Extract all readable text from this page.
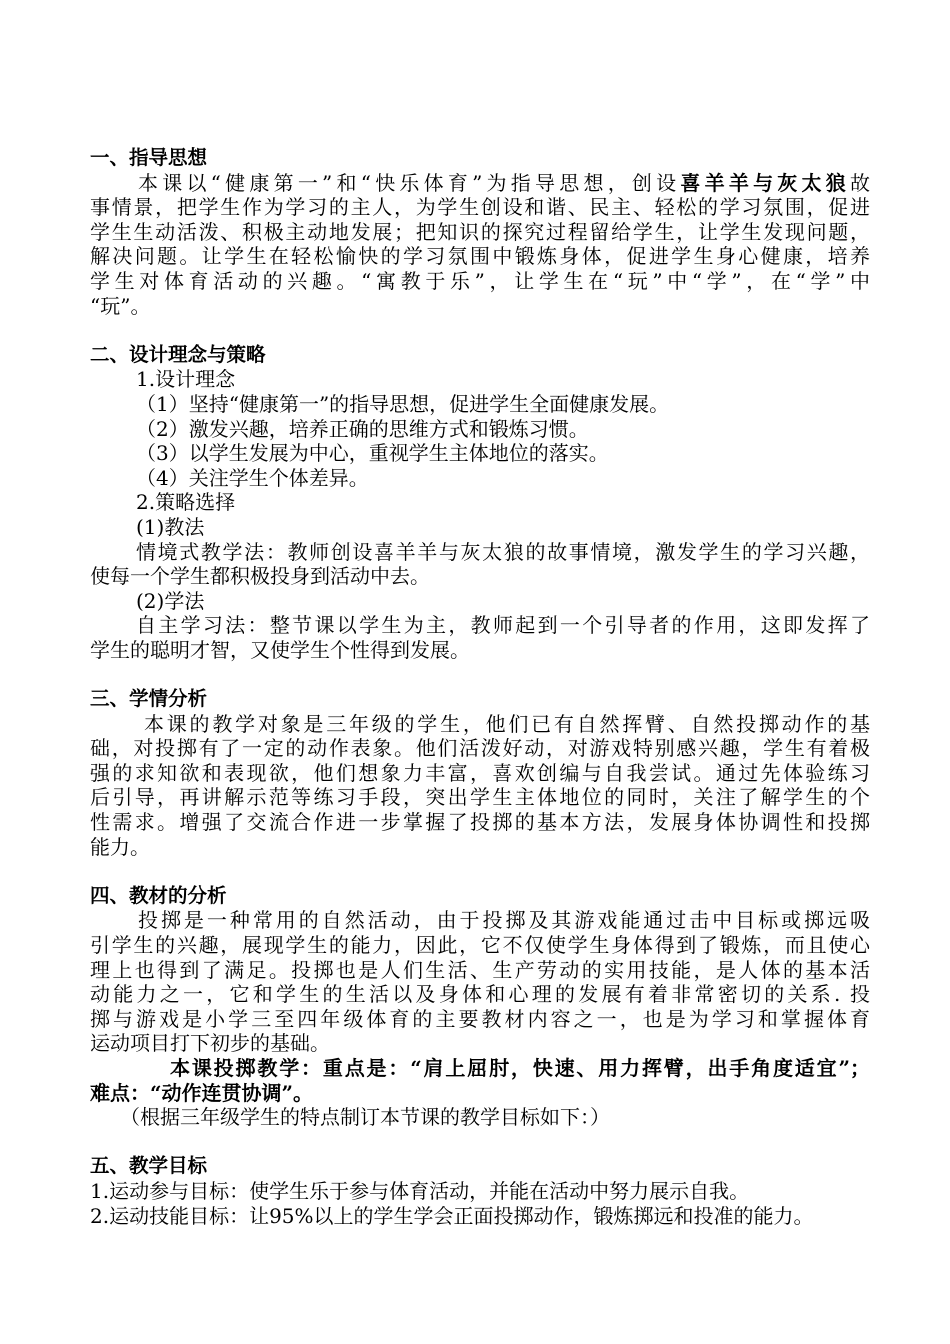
一、指导思想
本课以“健康第一”和“快乐体育”为指导思想，创设喜羊羊与灰太狼故
事情景，把学生作为学习的主人，为学生创设和谐、民主、轻松的学习氛围，促进
学生生动活泼、积极主动地发展；把知识的探究过程留给学生，让学生发现问题，
解决问题。让学生在轻松愉快的学习氛围中锻炼身体，促进学生身心健康，培养
学生对体育活动的兴趣。“寓教于乐”，让学生在“玩”中“学”，在“学”中
“玩”。
二、设计理念与策略
1.设计理念
（1）坚持“健康第一”的指导思想，促进学生全面健康发展。
（2）激发兴趣，培养正确的思维方式和锻炼习惯。
（3）以学生发展为中心，重视学生主体地位的落实。
（4）关注学生个体差异。
2.策略选择
(1)教法
情境式教学法：教师创设喜羊羊与灰太狼的故事情境，激发学生的学习兴趣，
使每一个学生都积极投身到活动中去。
(2)学法
自主学习法：整节课以学生为主，教师起到一个引导者的作用，这即发挥了
学生的聪明才智，又使学生个性得到发展。
三、学情分析
本课的教学对象是三年级的学生，他们已有自然挥臂、自然投掷动作的基
础，对投掷有了一定的动作表象。他们活泼好动，对游戏特别感兴趣，学生有着极
强的求知欲和表现欲，他们想象力丰富，喜欢创编与自我尝试。通过先体验练习
后引导，再讲解示范等练习手段，突出学生主体地位的同时，关注了解学生的个
性需求。增强了交流合作进一步掌握了投掷的基本方法，发展身体协调性和投掷
能力。
四、教材的分析
投掷是一种常用的自然活动，由于投掷及其游戏能通过击中目标或掷远吸
引学生的兴趣，展现学生的能力，因此，它不仅使学生身体得到了锻炼，而且使心
理上也得到了满足。投掷也是人们生活、生产劳动的实用技能，是人体的基本活
动能力之一，它和学生的生活以及身体和心理的发展有着非常密切的关系. 投
掷与游戏是小学三至四年级体育的主要教材内容之一，也是为学习和掌握体育
运动项目打下初步的基础。
本课投掷教学：重点是：“肩上屈肘，快速、用力挥臂，出手角度适宜”；
难点：“动作连贯协调”。
（根据三年级学生的特点制订本节课的教学目标如下：）
五、教学目标
1.运动参与目标：使学生乐于参与体育活动，并能在活动中努力展示自我。
2.运动技能目标：让95%以上的学生学会正面投掷动作，锻炼掷远和投准的能力。
